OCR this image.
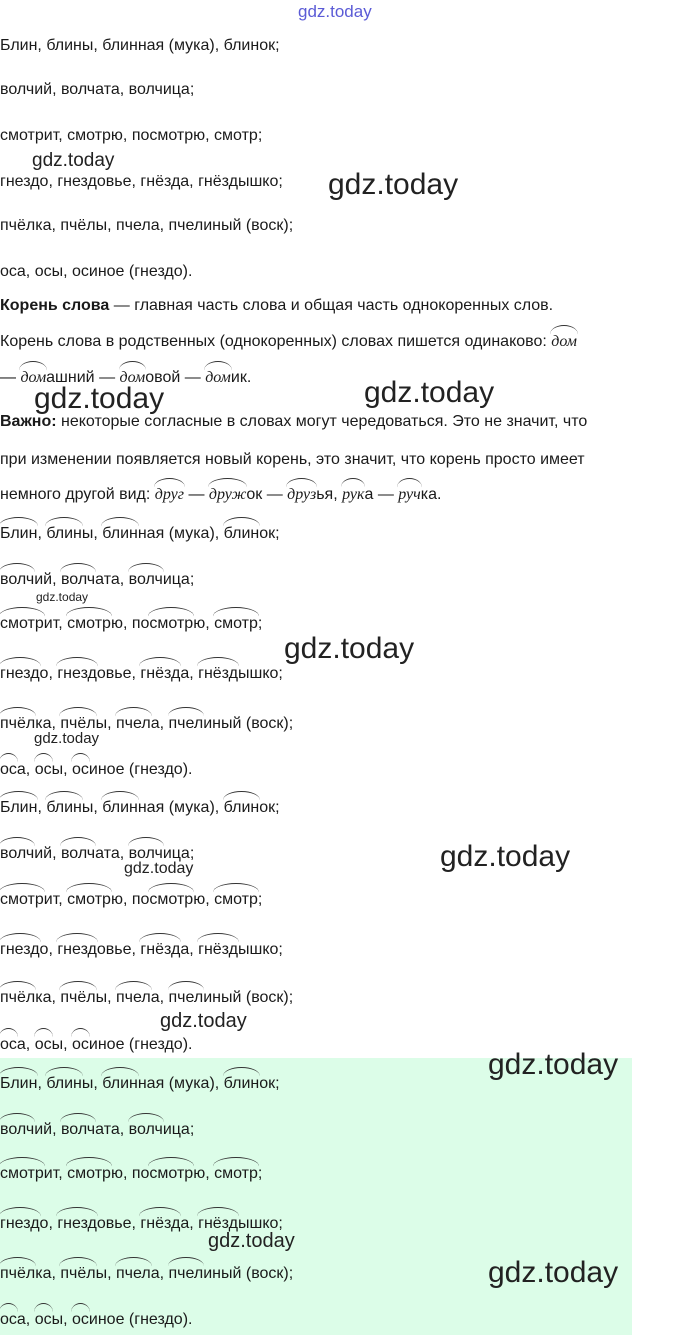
gdz.today
Блин, блины, блинная (мука), блинок;
волчий, волчата, волчица;
смотрит, смотрю, посмотрю, смотр;
гнездо, гнездовье, гнёзда, гнёздышко;
пчёлка, пчёлы, пчела, пчелиный (воск);
оса, осы, осиное (гнездо).
Корень слова — главная часть слова и общая часть однокоренных слов.
Корень слова в родственных (однокоренных) словах пишется одинаково: дом
— домашний — домовой — домик.
Важно: некоторые согласные в словах могут чередоваться. Это не значит, что
при изменении появляется новый корень, это значит, что корень просто имеет
немного другой вид: друг — дружок — друзья, рука — ручка.
Блин, блины, блинная (мука), блинок;
волчий, волчата, волчица;
смотрит, смотрю, посмотрю, смотр;
гнездо, гнездовье, гнёзда, гнёздышко;
пчёлка, пчёлы, пчела, пчелиный (воск);
оса, осы, осиное (гнездо).
Блин, блины, блинная (мука), блинок;
волчий, волчата, волчица;
смотрит, смотрю, посмотрю, смотр;
гнездо, гнездовье, гнёзда, гнёздышко;
пчёлка, пчёлы, пчела, пчелиный (воск);
оса, осы, осиное (гнездо).
Блин, блины, блинная (мука), блинок;
волчий, волчата, волчица;
смотрит, смотрю, посмотрю, смотр;
гнездо, гнездовье, гнёзда, гнёздышко;
пчёлка, пчёлы, пчела, пчелиный (воск);
оса, осы, осиное (гнездо).
gdz.today
gdz.today
gdz.today
gdz.today
gdz.today
gdz.today
gdz.today
gdz.today
gdz.today
gdz.today
gdz.today
gdz.today
gdz.today
